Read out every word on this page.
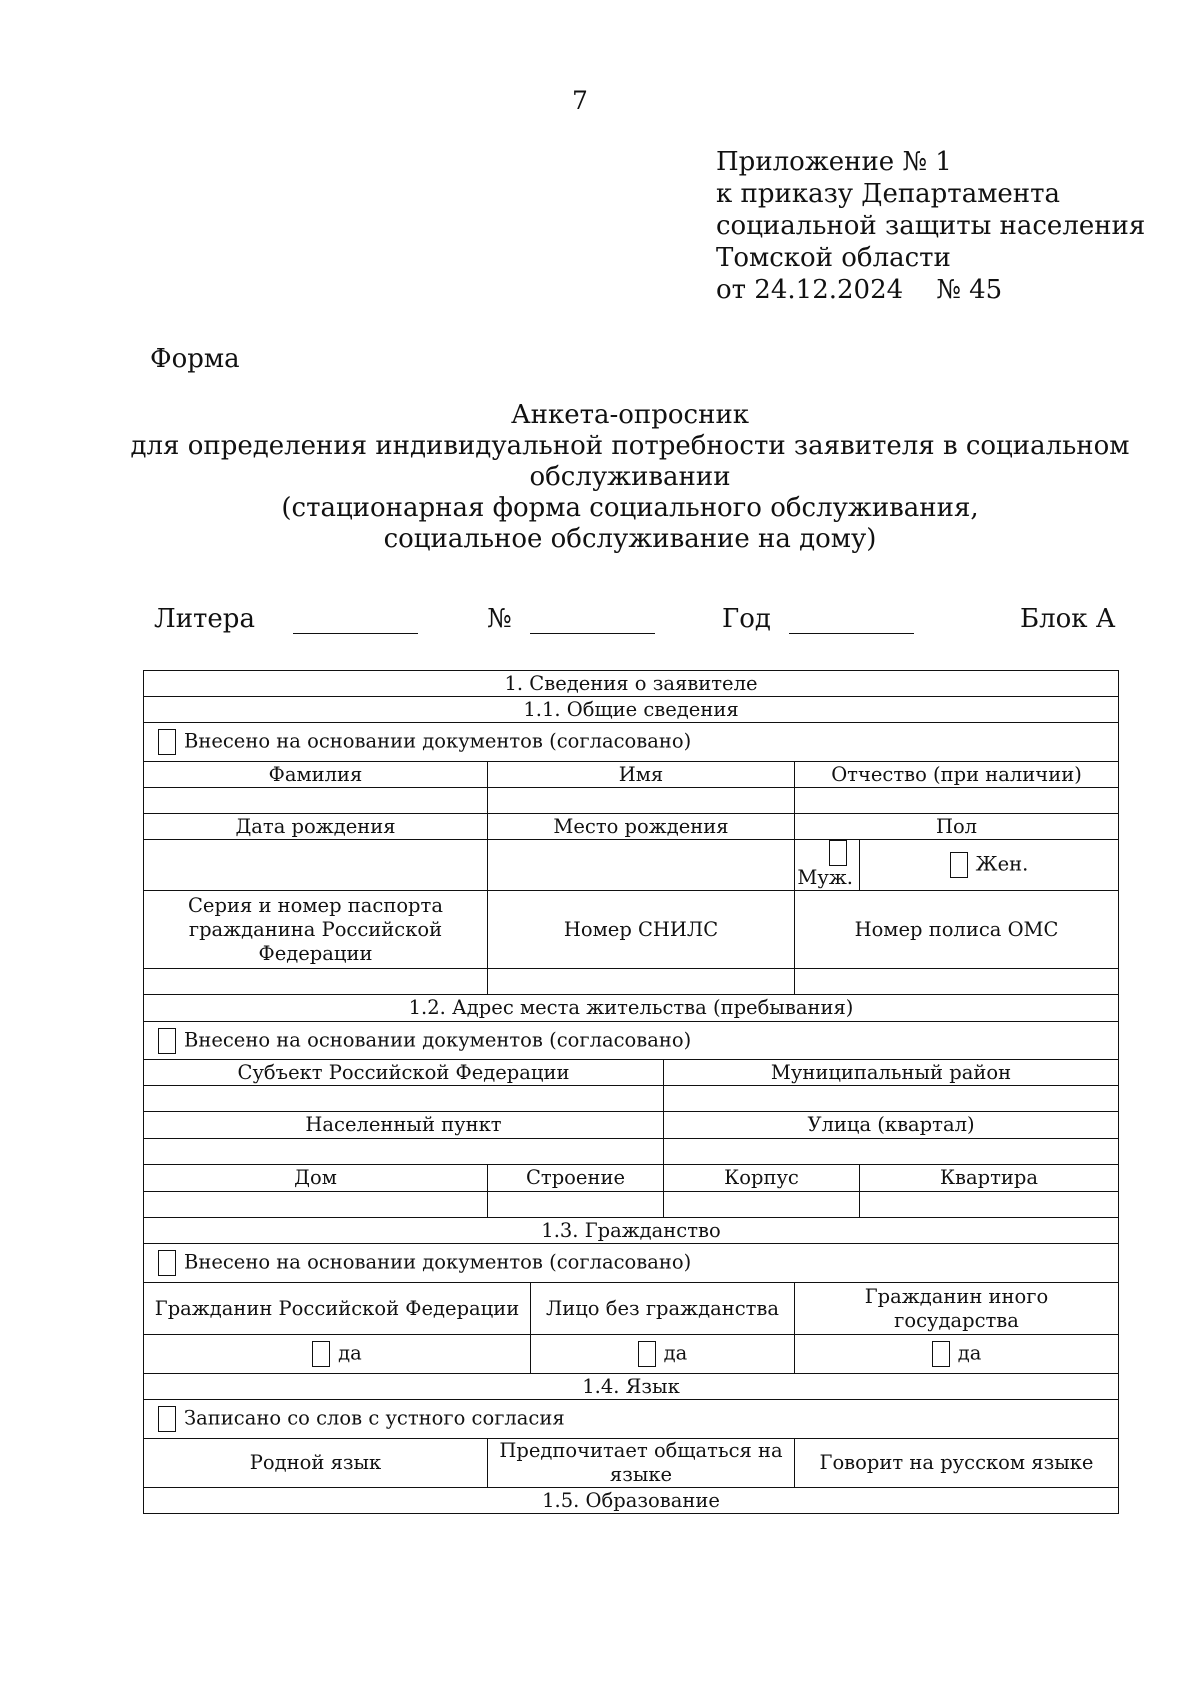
7
Приложение № 1
к приказу Департамента
социальной защиты населения
Томской области
от 24.12.2024    № 45
Форма
Анкета-опросник
для определения индивидуальной потребности заявителя в социальном
обслуживании
(стационарная форма социального обслуживания,
социальное обслуживание на дому)
Литера	№	Год	Блок А
1. Сведения о заявителе					
1.1. Общие сведения					
Внесено на основании документов (согласовано)					
Фамилия	Имя			Отчество (при наличии)	

Дата рождения	Место рождения			Пол	
				Муж.	Жен.

Серия и номер паспорта
гражданина Российской
Федерации	Номер СНИЛС			Номер полиса ОМС	

1.2. Адрес места жительства (пребывания)					
Внесено на основании документов (согласовано)					
Субъект Российской Федерации			Муниципальный район		

Населенный пункт			Улица (квартал)		

Дом	Строение		Корпус		Квартира

1.3. Гражданство					
Внесено на основании документов (согласовано)					
Гражданин Российской Федерации		Лицо без гражданства		Гражданин иного
государства	

да		да		да	
1.4. Язык					
Записано со слов с устного согласия					
Родной язык	Предпочитает общаться на языке			Говорит на русском языке	
1.5. Образование					
